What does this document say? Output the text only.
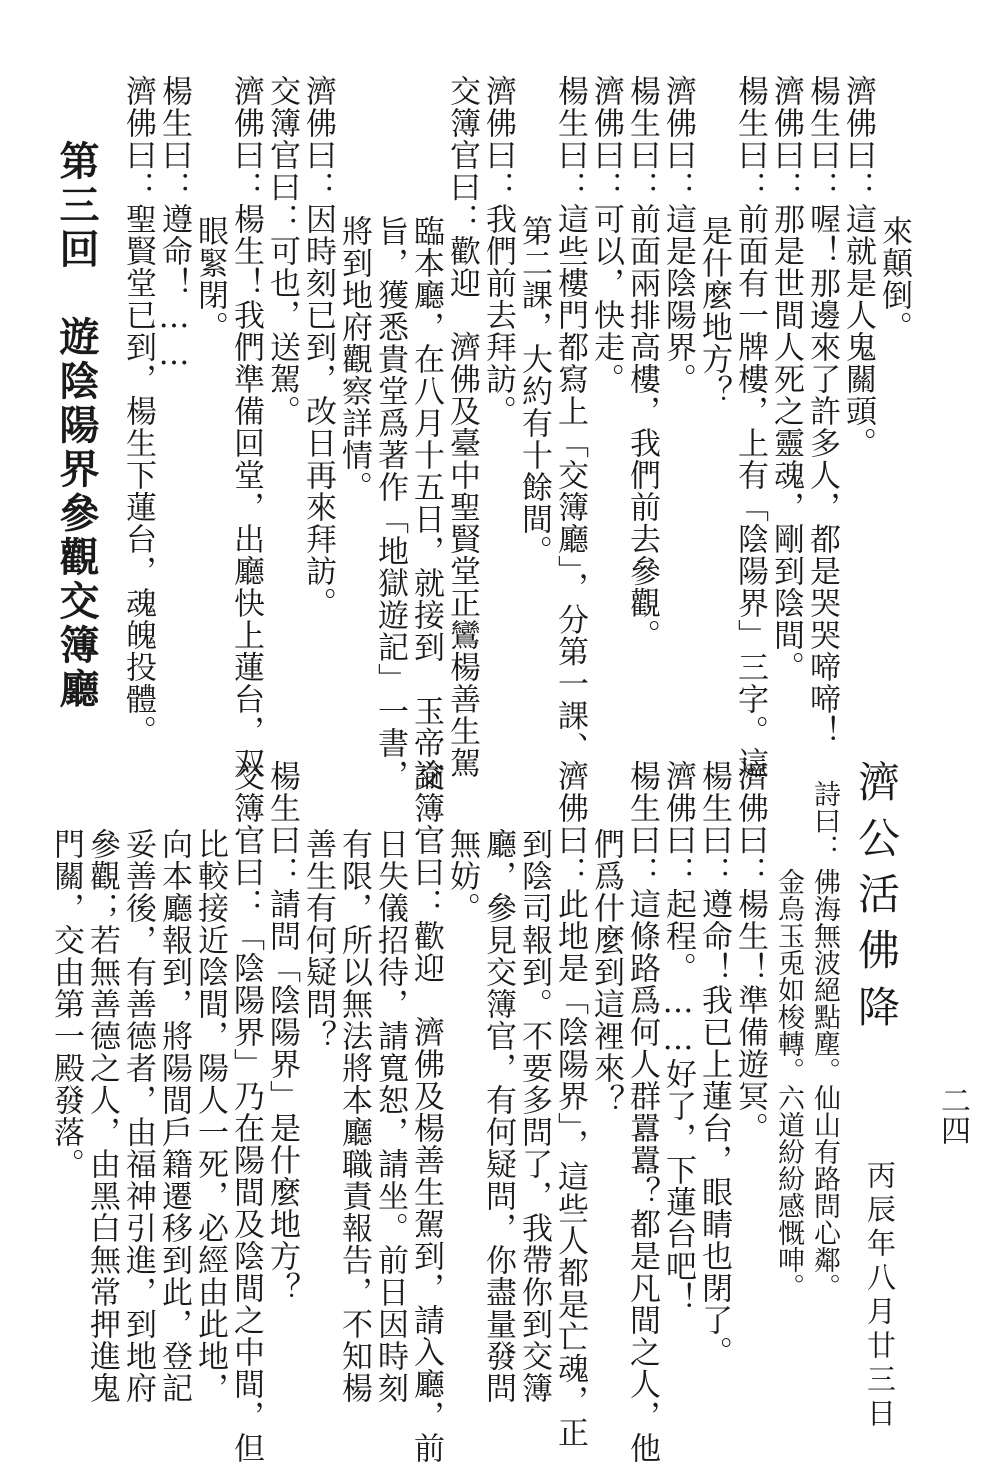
二四
　來顛倒。
濟佛曰：這就是人鬼關頭。
楊生曰：喔！那邊來了許多人，都是哭哭啼啼！
濟佛曰：那是世間人死之靈魂，剛到陰間。
楊生曰：前面有一牌樓，上有「陰陽界」三字。這
　是什麼地方？
濟佛曰：這是陰陽界。
楊生曰：前面兩排高樓，我們前去參觀。
濟佛曰：可以，快走。
楊生曰：這些樓門都寫上「交簿廳」，分第一課、
　第二課，大約有十餘間。
濟佛曰：我們前去拜訪。
交簿官曰：歡迎　濟佛及臺中聖賢堂正鸞楊善生駕
　臨本廳，在八月十五日，就接到　玉帝諭
　旨，獲悉貴堂爲著作「地獄遊記」一書，
　將到地府觀察詳情。
濟佛曰：因時刻已到，改日再來拜訪。
交簿官曰：可也，送駕。
濟佛曰：楊生！我們準備回堂，出廳快上蓮台，双
　眼緊閉。
楊生曰：遵命！……
濟佛曰：聖賢堂已到，楊生下蓮台，魂魄投體。
第三回　遊陰陽界參觀交簿廳
濟公活佛
降
丙辰年八月廿三日
詩曰：
佛海無波絕點塵。仙山有路問心鄰。
金烏玉兎如梭轉。六道紛紛感慨呻。
濟佛曰：楊生！準備遊冥。
楊生曰：遵命！我已上蓮台，眼睛也閉了。
濟佛曰：起程。……好了，下蓮台吧！
楊生曰：這條路爲何人群囂囂？都是凡間之人，他
　們爲什麼到這裡來？
濟佛曰：此地是「陰陽界」，這些人都是亡魂，正
　到陰司報到。不要多問了，我帶你到交簿
　廳，參見交簿官，有何疑問，你盡量發問
　無妨。
交簿官曰：歡迎　濟佛及楊善生駕到，請入廳，前
　日失儀招待，請寬恕，請坐。前日因時刻
　有限，所以無法將本廳職責報告，不知楊
　善生有何疑問？
楊生曰：請問「陰陽界」是什麼地方？
交簿官曰：「陰陽界」乃在陽間及陰間之中間，但
　比較接近陰間，陽人一死，必經由此地，
　向本廳報到，將陽間戶籍遷移到此，登記
　妥善後，有善德者，由福神引進，到地府
　參觀；若無善德之人，由黑白無常押進鬼
　門關，交由第一殿發落。
